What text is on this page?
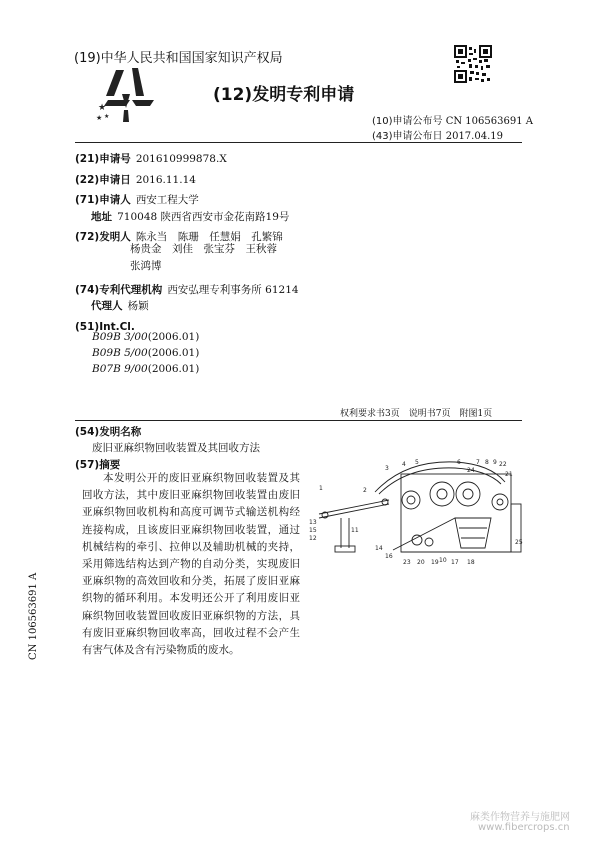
(19)中华人民共和国国家知识产权局
★
★ ★
(12)发明专利申请
(10)申请公布号 CN 106563691 A
(43)申请公布日 2017.04.19
(21)申请号 201610999878.X
(22)申请日 2016.11.14
(71)申请人 西安工程大学
地址 710048 陕西省西安市金花南路19号
(72)发明人 陈永当　陈珊　任慧娟　孔繁锦
杨贵金　刘佳　张宝芬　王秋蓉
张鸿博
(74)专利代理机构 西安弘理专利事务所 61214
代理人 杨颖
(51)Int.Cl.
B09B 3/00(2006.01)
B09B 5/00(2006.01)
B07B 9/00(2006.01)
权利要求书3页　说明书7页　附图1页
(54)发明名称
废旧亚麻织物回收装置及其回收方法
(57)摘要
本发明公开的废旧亚麻织物回收装置及其回收方法，其中废旧亚麻织物回收装置由废旧亚麻织物回收机构和高度可调节式输送机构经连接构成，且该废旧亚麻织物回收装置，通过机械结构的牵引、拉伸以及辅助机械的夹持，采用筛选结构达到产物的自动分类，实现废旧亚麻织物的高效回收和分类，拓展了废旧亚麻织物的循环利用。本发明还公开了利用废旧亚麻织物回收装置回收废旧亚麻织物的方法，具有废旧亚麻织物回收率高，回收过程不会产生有害气体及含有污染物质的废水。
1	2
3
4 5	6	7 8 9
10
11
12
13
15
14
16
17 18
19
20
21
22
23
24
25
CN 106563691 A
麻类作物营养与施肥网
www.fibercrops.cn
